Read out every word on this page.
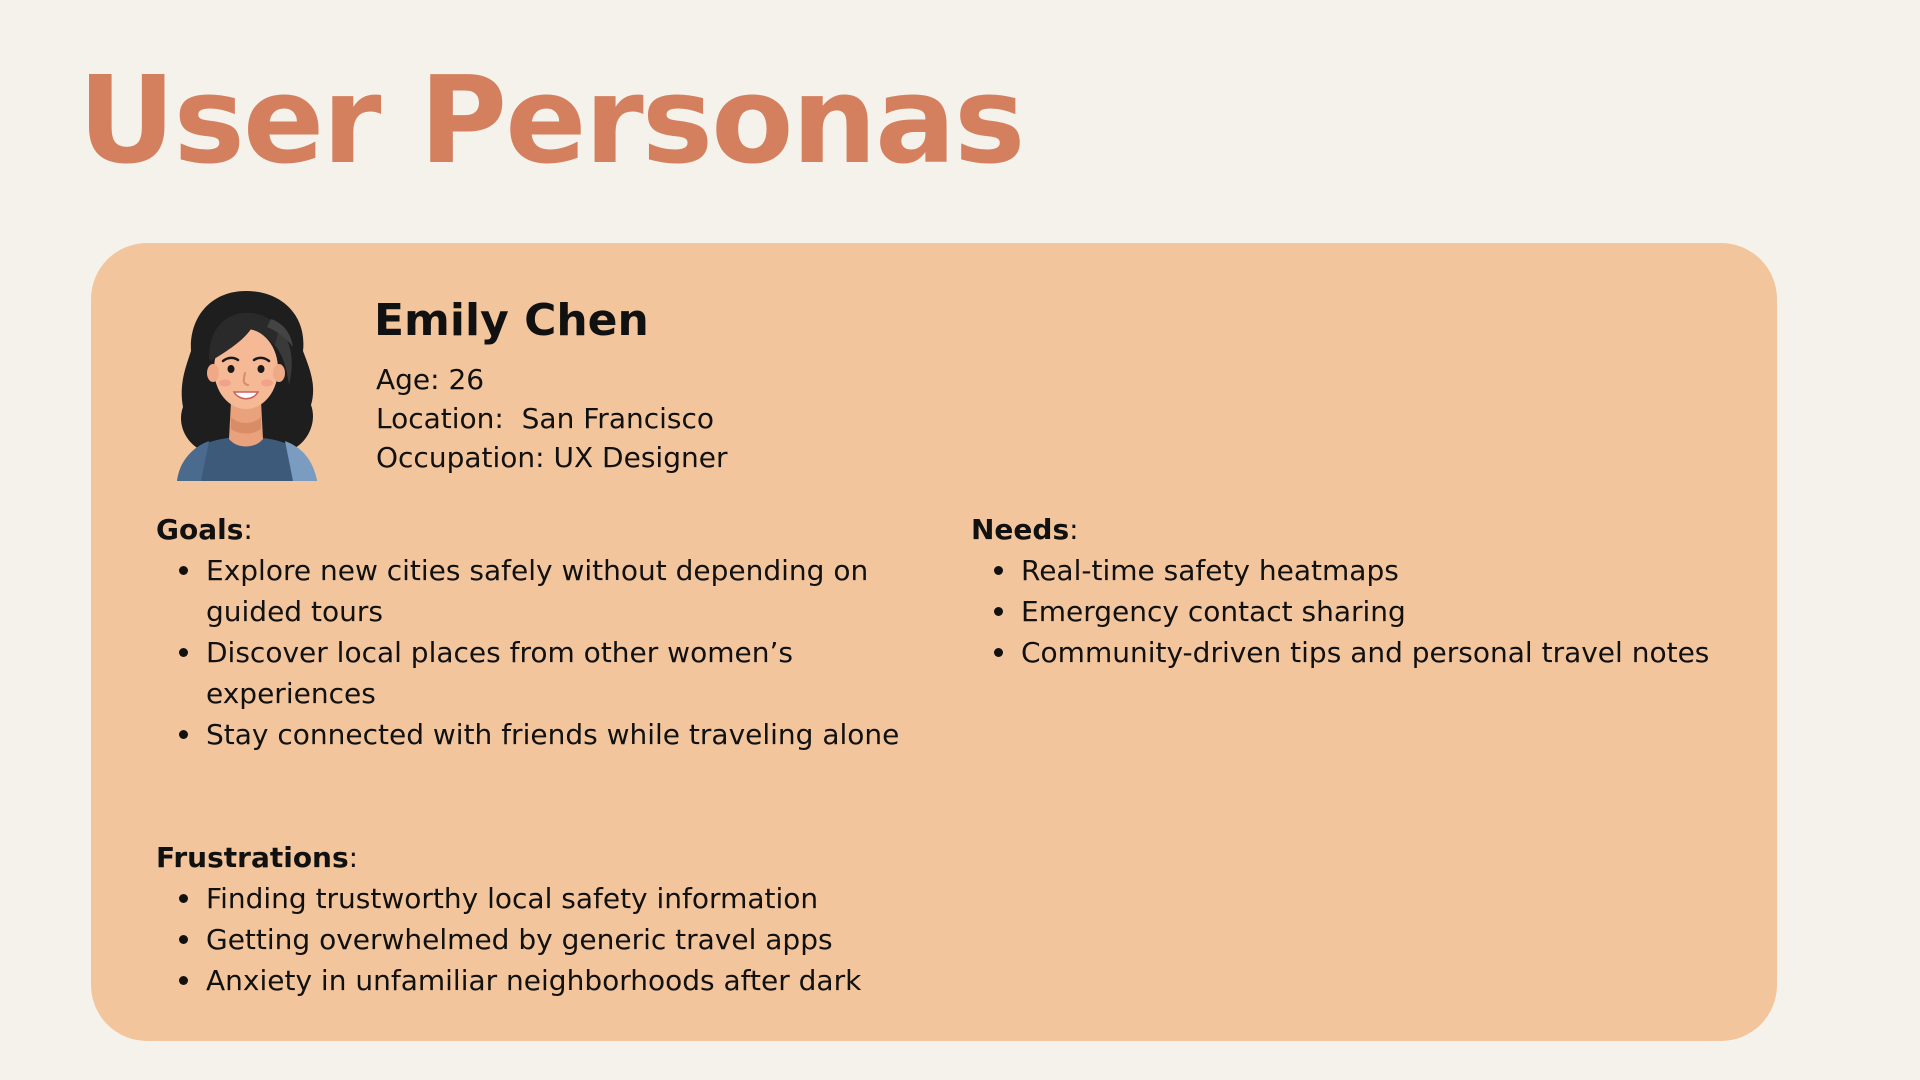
User Personas
Emily Chen
Age: 26
Location:  San Francisco
Occupation: UX Designer

Goals:

Explore new cities safely without depending on guided tours
Discover local places from other women’s experiences
Stay connected with friends while traveling alone

Needs:

Real-time safety heatmaps
Emergency contact sharing
Community-driven tips and personal travel notes

Frustrations:

Finding trustworthy local safety information
Getting overwhelmed by generic travel apps
Anxiety in unfamiliar neighborhoods after dark
